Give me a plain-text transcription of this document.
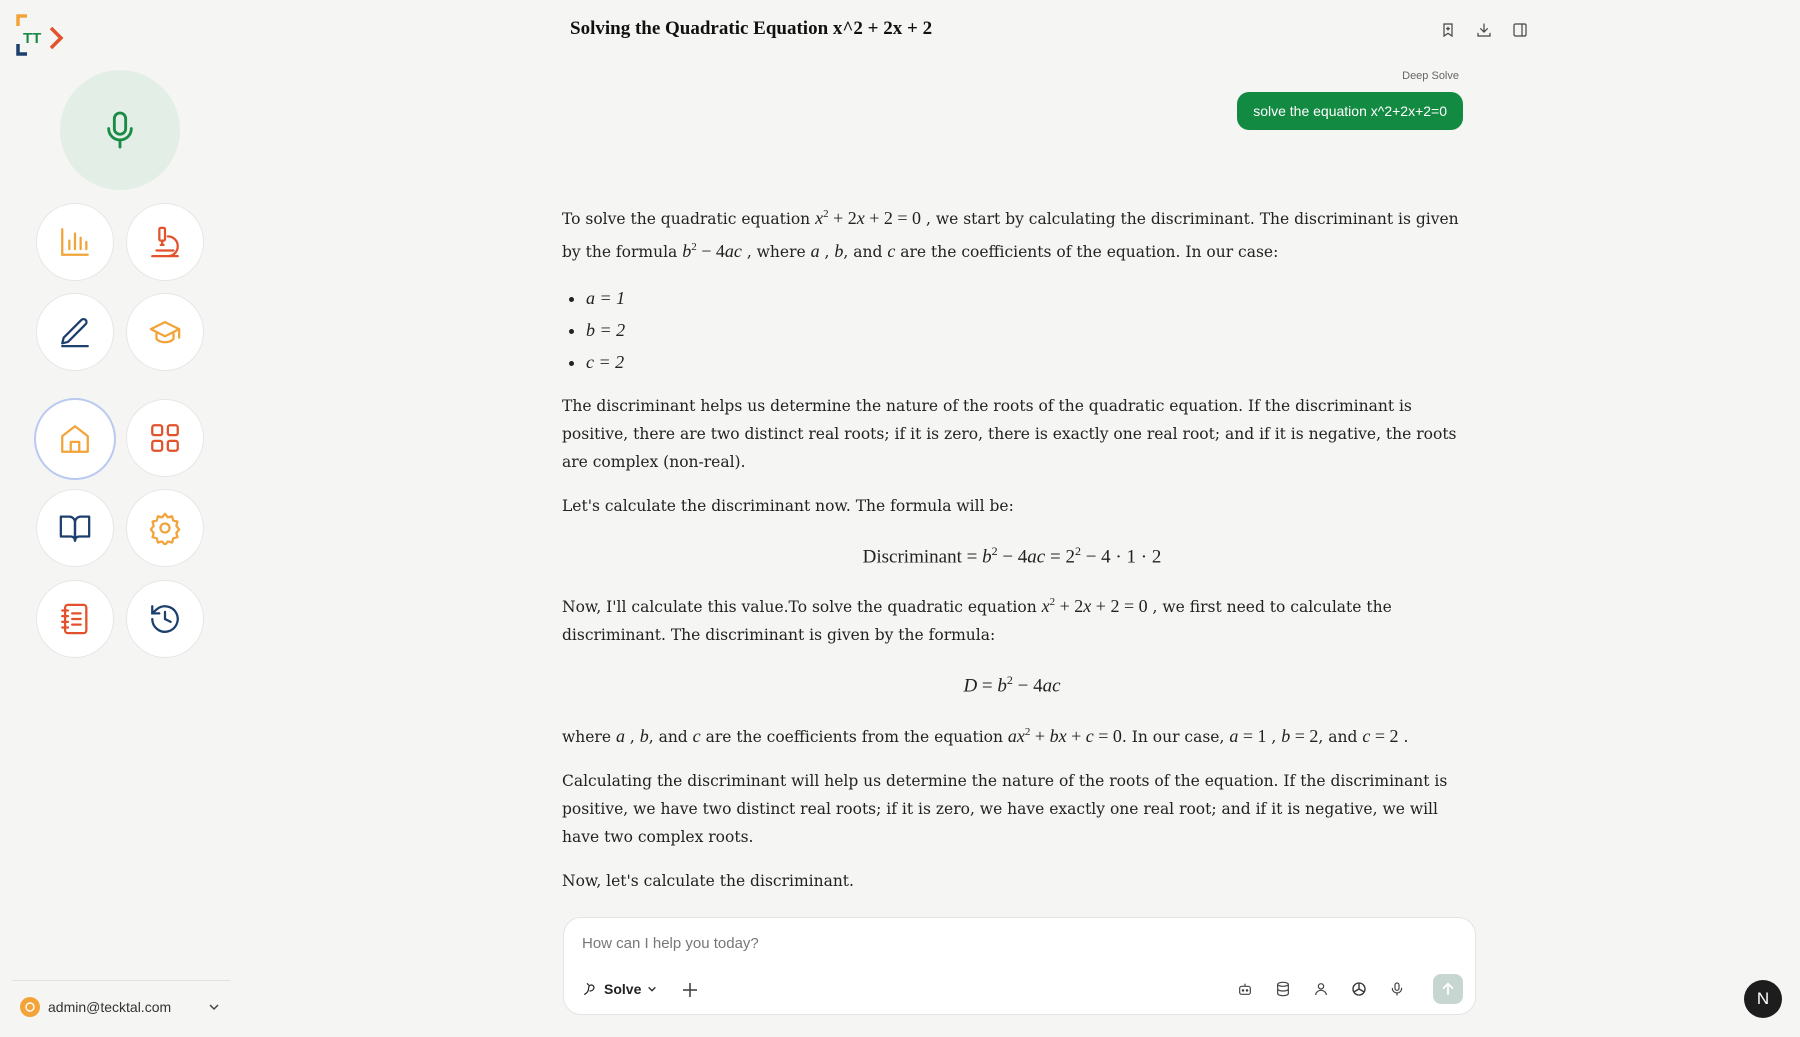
TT
admin@tecktal.com
Solving the Quadratic Equation x^2 + 2x + 2
Deep Solve
solve the equation x^2+2x+2=0

To solve the quadratic equation $x^2 + 2x + 2 = 0$ , we start by calculating the discriminant. The discriminant is given by the formula $b^2 - 4ac$ , where a , b, and c are the coefficients of the equation. In our case:

• a = 1
• b = 2
• c = 2

The discriminant helps us determine the nature of the roots of the quadratic equation. If the discriminant is positive, there are two distinct real roots; if it is zero, there is exactly one real root; and if it is negative, the roots are complex (non-real).

Let's calculate the discriminant now. The formula will be:

Discriminant = $b^2 - 4ac = 2^2 - 4 \cdot 1 \cdot 2$

Now, I'll calculate this value.To solve the quadratic equation $x^2 + 2x + 2 = 0$ , we first need to calculate the discriminant. The discriminant is given by the formula:

$D = b^2 - 4ac$

where a , b, and c are the coefficients from the equation $ax^2$ + bx + c = 0. In our case, a = 1 , b = 2, and c = 2 .

Calculating the discriminant will help us determine the nature of the roots of the equation. If the discriminant is positive, we have two distinct real roots; if it is zero, we have exactly one real root; and if it is negative, we will have two complex roots.

Now, let's calculate the discriminant.

How can I help you today?
Solve	N
